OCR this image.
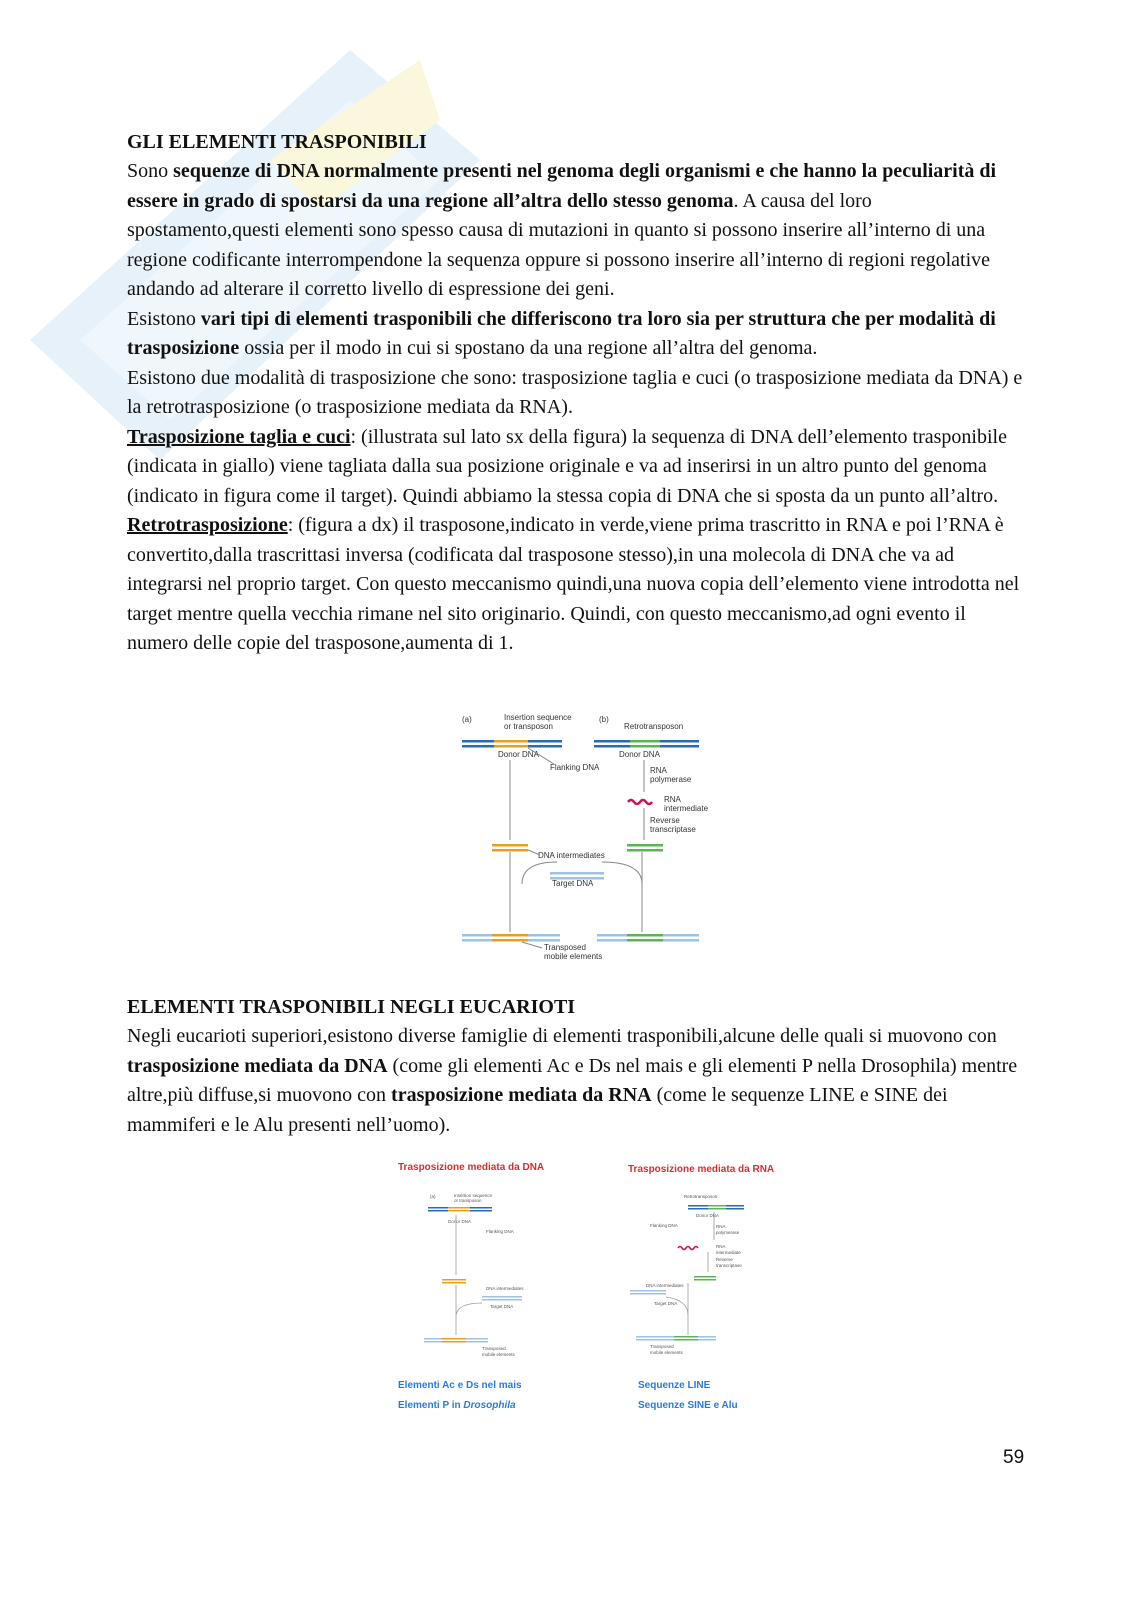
GLI ELEMENTI TRASPONIBILI

Sono sequenze di DNA normalmente presenti nel genoma degli organismi e che hanno la peculiarità di essere in grado di spostarsi da una regione all’altra dello stesso genoma. A causa del loro spostamento,questi elementi sono spesso causa di mutazioni in quanto si possono inserire all’interno di una regione codificante interrompendone la sequenza oppure si possono inserire all’interno di regioni regolative andando ad alterare il corretto livello di espressione dei geni.

Esistono vari tipi di elementi trasponibili che differiscono tra loro sia per struttura che per modalità di trasposizione ossia per il modo in cui si spostano da una regione all’altra del genoma.

Esistono due modalità di trasposizione che sono: trasposizione taglia e cuci (o trasposizione mediata da DNA) e la retrotrasposizione (o trasposizione mediata da RNA).

Trasposizione taglia e cuci: (illustrata sul lato sx della figura) la sequenza di DNA dell’elemento trasponibile (indicata in giallo) viene tagliata dalla sua posizione originale e va ad inserirsi in un altro punto del genoma (indicato in figura come il target). Quindi abbiamo la stessa copia di DNA che si sposta da un punto all’altro.

Retrotrasposizione: (figura a dx) il trasposone,indicato in verde,viene prima trascritto in RNA e poi l’RNA è convertito,dalla trascrittasi inversa (codificata dal trasposone stesso),in una molecola di DNA che va ad integrarsi nel proprio target. Con questo meccanismo quindi,una nuova copia dell’elemento viene introdotta nel target mentre quella vecchia rimane nel sito originario. Quindi, con questo meccanismo,ad ogni evento il numero delle copie del trasposone,aumenta di 1.

(a)	(b)
Insertion sequence
or transposon	Retrotransposon
Donor DNA	Donor DNA
Flanking DNA	RNA
polymerase
RNA
intermediate
Reverse
transcriptase
DNA intermediates
Target DNA
Transposed
mobile elements
ELEMENTI TRASPONIBILI NEGLI EUCARIOTI

Negli eucarioti superiori,esistono diverse famiglie di elementi trasponibili,alcune delle quali si muovono con trasposizione mediata da DNA (come gli elementi Ac e Ds nel mais e gli elementi P nella Drosophila) mentre altre,più diffuse,si muovono con trasposizione mediata da RNA (come le sequenze LINE e SINE dei mammiferi e le Alu presenti nell’uomo).

Trasposizione mediata da DNA	Trasposizione mediata da RNA
(a)	Insertion sequence
or transposon
Donor DNA
Flanking DNA
DNA intermediates
Target DNA
Transposed
mobile elements
Retrotransposon
Donor DNA
Flanking DNA	RNA
polymerase
RNA
intermediate
Reverse
transcriptase
DNA intermediates
Target DNA
Transposed
mobile elements
Elementi Ac e Ds nel mais
Elementi P in Drosophila
Sequenze LINE
Sequenze SINE e Alu
59
